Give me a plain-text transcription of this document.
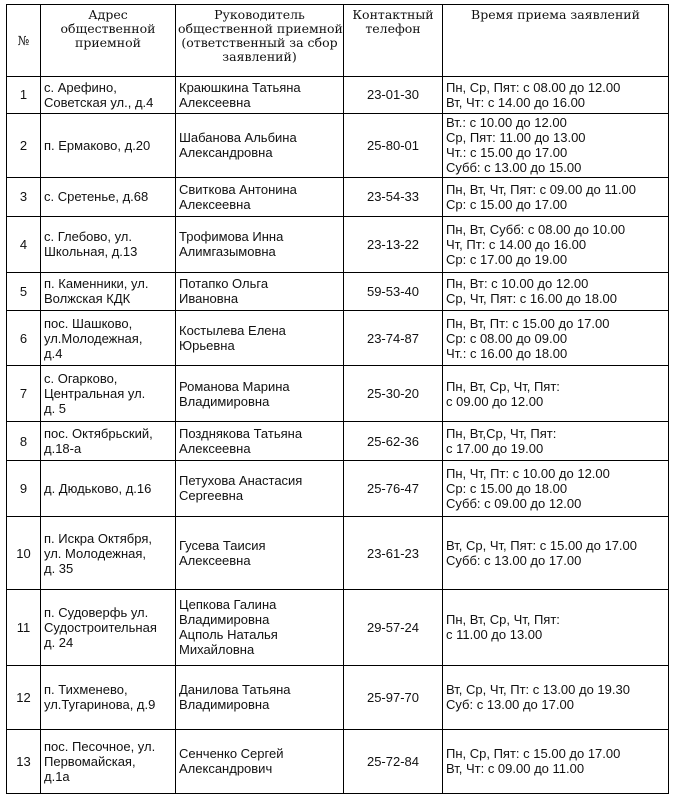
№	Адрес
общественной
приемной	Руководитель
общественной приемной
(ответственный за сбор
заявлений)	Контактный
телефон	Время приема заявлений

1	с. Арефино,
Советская ул., д.4	Краюшкина Татьяна
Алексеевна	23-01-30	Пн, Ср, Пят: с 08.00 до 12.00
Вт, Чт: с 14.00 до 16.00

2	п. Ермаково, д.20	Шабанова Альбина
Александровна	25-80-01	Вт.: с 10.00 до 12.00
Ср, Пят: 11.00 до 13.00
Чт.: с 15.00 до 17.00
Субб: с 13.00 до 15.00

3	с. Сретенье, д.68	Свиткова Антонина
Алексеевна	23-54-33	Пн, Вт, Чт, Пят: с 09.00 до 11.00
Ср: с 15.00 до 17.00

4	с. Глебово, ул.
Школьная, д.13	Трофимова Инна
Алимгазымовна	23-13-22	Пн, Вт, Субб: с 08.00 до 10.00
Чт, Пт: с 14.00 до 16.00
Ср: с 17.00 до 19.00

5	п. Каменники, ул.
Волжская КДК	Потапко Ольга
Ивановна	59-53-40	Пн, Вт: с 10.00 до 12.00
Ср, Чт, Пят: с 16.00 до 18.00

6	пос. Шашково,
ул.Молодежная,
д.4	Костылева Елена
Юрьевна	23-74-87	Пн, Вт, Пт: с 15.00 до 17.00
Ср: с 08.00 до 09.00
Чт.: с 16.00 до 18.00

7	с. Огарково,
Центральная ул.
д. 5	Романова Марина
Владимировна	25-30-20	Пн, Вт, Ср, Чт, Пят:
с 09.00 до 12.00

8	пос. Октябрьский,
д.18-а	Позднякова Татьяна
Алексеевна	25-62-36	Пн, Вт,Ср, Чт, Пят:
с 17.00 до 19.00

9	д. Дюдьково, д.16	Петухова Анастасия
Сергеевна	25-76-47	Пн, Чт, Пт: с 10.00 до 12.00
Ср: с 15.00 до 18.00
Субб: с 09.00 до 12.00

10	п. Искра Октября,
ул. Молодежная,
д. 35	Гусева Таисия
Алексеевна	23-61-23	Вт, Ср, Чт, Пят: с 15.00 до 17.00
Субб: с 13.00 до 17.00

11	п. Судоверфь ул.
Судостроительная
д. 24	Цепкова Галина
Владимировна
Ацполь Наталья
Михайловна	29-57-24	Пн, Вт, Ср, Чт, Пят:
с 11.00 до 13.00

12	п. Тихменево,
ул.Тугаринова, д.9	Данилова Татьяна
Владимировна	25-97-70	Вт, Ср, Чт, Пт: с 13.00 до 19.30
Суб: с 13.00 до 17.00

13	пос. Песочное, ул.
Первомайская,
д.1а	Сенченко Сергей
Александрович	25-72-84	Пн, Ср, Пят: с 15.00 до 17.00
Вт, Чт: с 09.00 до 11.00
